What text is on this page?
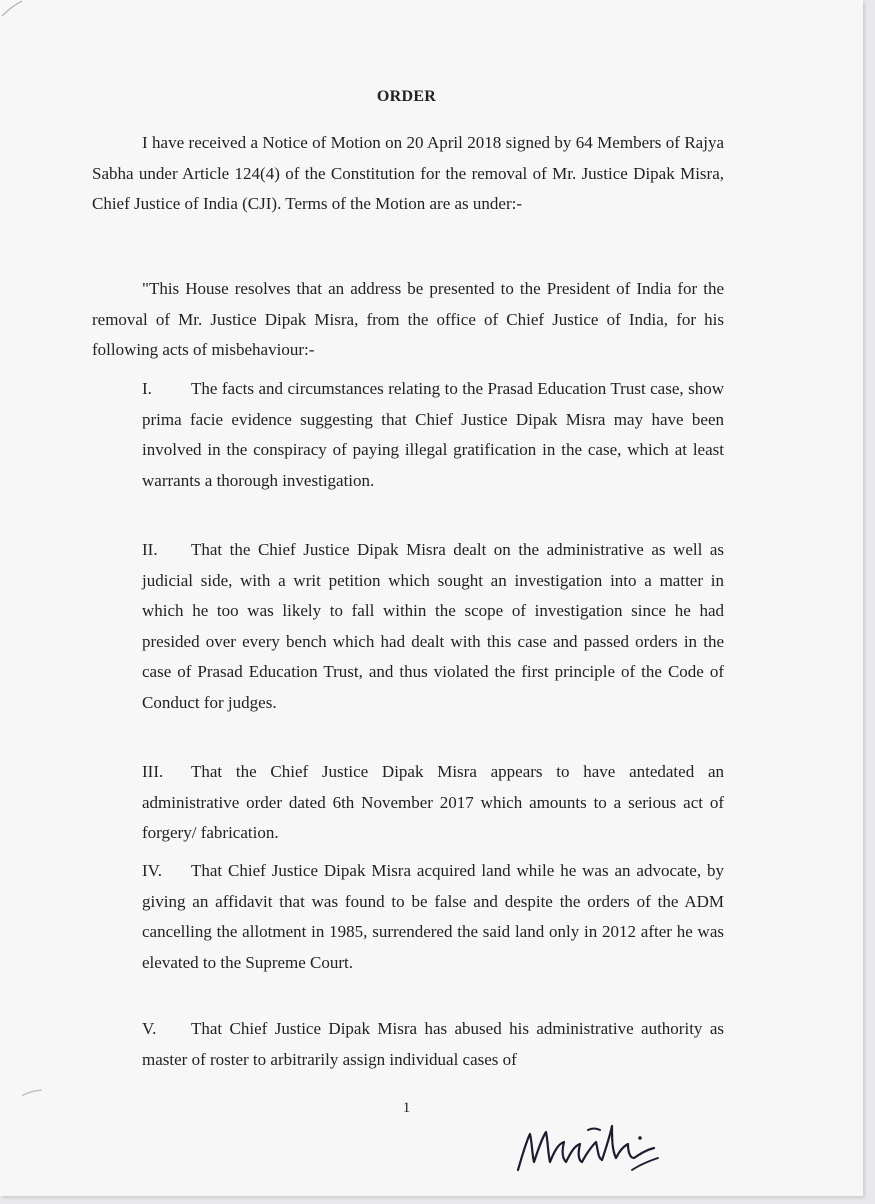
ORDER

I have received a Notice of Motion on 20 April 2018 signed by 64 Members of Rajya Sabha under Article 124(4) of the Constitution for the removal of Mr. Justice Dipak Misra, Chief Justice of India (CJI). Terms of the Motion are as under:-

"This House resolves that an address be presented to the President of India for the removal of Mr. Justice Dipak Misra, from the office of Chief Justice of India, for his following acts of misbehaviour:-

I. The facts and circumstances relating to the Prasad Education Trust case, show prima facie evidence suggesting that Chief Justice Dipak Misra may have been involved in the conspiracy of paying illegal gratification in the case, which at least warrants a thorough investigation.

II. That the Chief Justice Dipak Misra dealt on the administrative as well as judicial side, with a writ petition which sought an investigation into a matter in which he too was likely to fall within the scope of investigation since he had presided over every bench which had dealt with this case and passed orders in the case of Prasad Education Trust, and thus violated the first principle of the Code of Conduct for judges.

III. That the Chief Justice Dipak Misra appears to have antedated an administrative order dated 6th November 2017 which amounts to a serious act of forgery/ fabrication.

IV. That Chief Justice Dipak Misra acquired land while he was an advocate, by giving an affidavit that was found to be false and despite the orders of the ADM cancelling the allotment in 1985, surrendered the said land only in 2012 after he was elevated to the Supreme Court.

V. That Chief Justice Dipak Misra has abused his administrative authority as master of roster to arbitrarily assign individual cases of

1
